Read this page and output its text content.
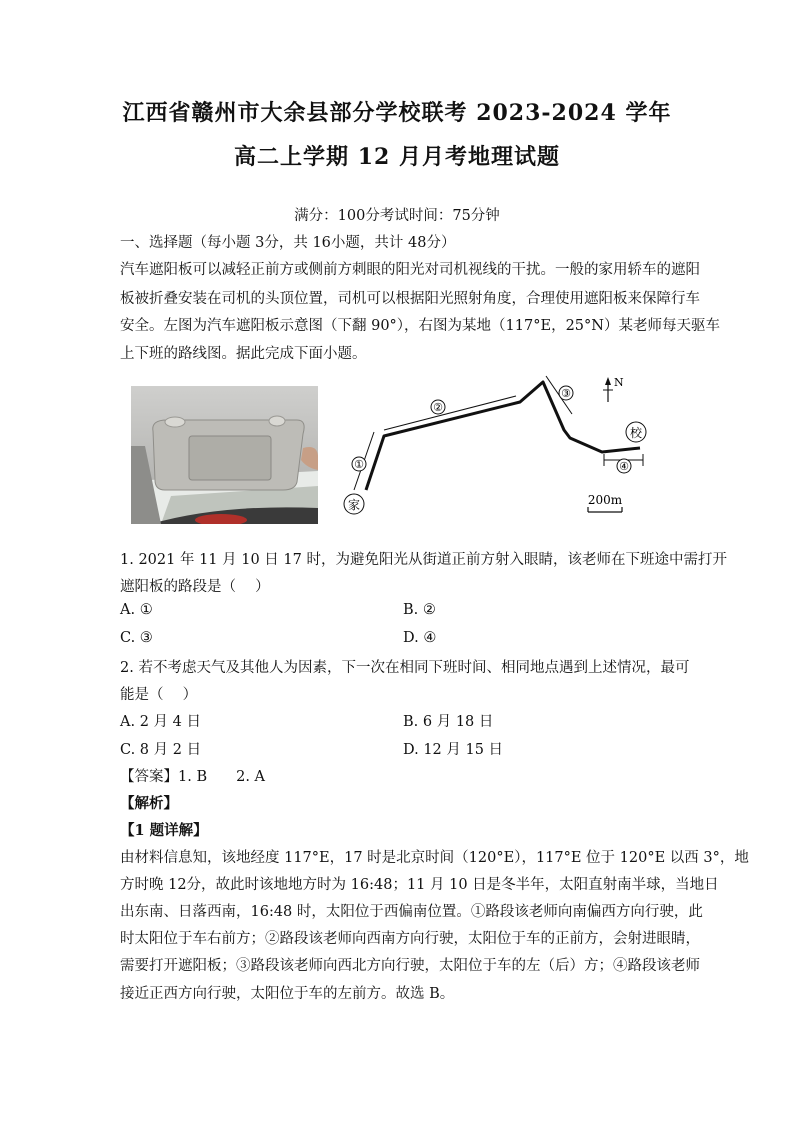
江西省赣州市大余县部分学校联考 2023-2024 学年
高二上学期 12 月月考地理试题
满分：100分考试时间：75分钟
一、选择题（每小题 3分，共 16小题，共计 48分）
汽车遮阳板可以减轻正前方或侧前方刺眼的阳光对司机视线的干扰。一般的家用轿车的遮阳
板被折叠安装在司机的头顶位置，司机可以根据阳光照射角度，合理使用遮阳板来保障行车
安全。左图为汽车遮阳板示意图（下翻 90°），右图为某地（117°E，25°N）某老师每天驱车
上下班的路线图。据此完成下面小题。
N
①
②
③
④
家
校
200m
1. 2021 年 11 月 10 日 17 时，为避免阳光从街道正前方射入眼睛，该老师在下班途中需打开
遮阳板的路段是（　 ）
A. ①	B. ②
C. ③	D. ④
2. 若不考虑天气及其他人为因素，下一次在相同下班时间、相同地点遇到上述情况，最可
能是（　 ）
A. 2 月 4 日	B. 6 月 18 日
C. 8 月 2 日	D. 12 月 15 日
【答案】1. B　　2. A
【解析】
【1 题详解】
由材料信息知，该地经度 117°E，17 时是北京时间（120°E），117°E 位于 120°E 以西 3°，地
方时晚 12分，故此时该地地方时为 16:48；11 月 10 日是冬半年，太阳直射南半球，当地日
出东南、日落西南，16:48 时，太阳位于西偏南位置。①路段该老师向南偏西方向行驶，此
时太阳位于车右前方；②路段该老师向西南方向行驶，太阳位于车的正前方，会射进眼睛，
需要打开遮阳板；③路段该老师向西北方向行驶，太阳位于车的左（后）方；④路段该老师
接近正西方向行驶，太阳位于车的左前方。故选 B。
